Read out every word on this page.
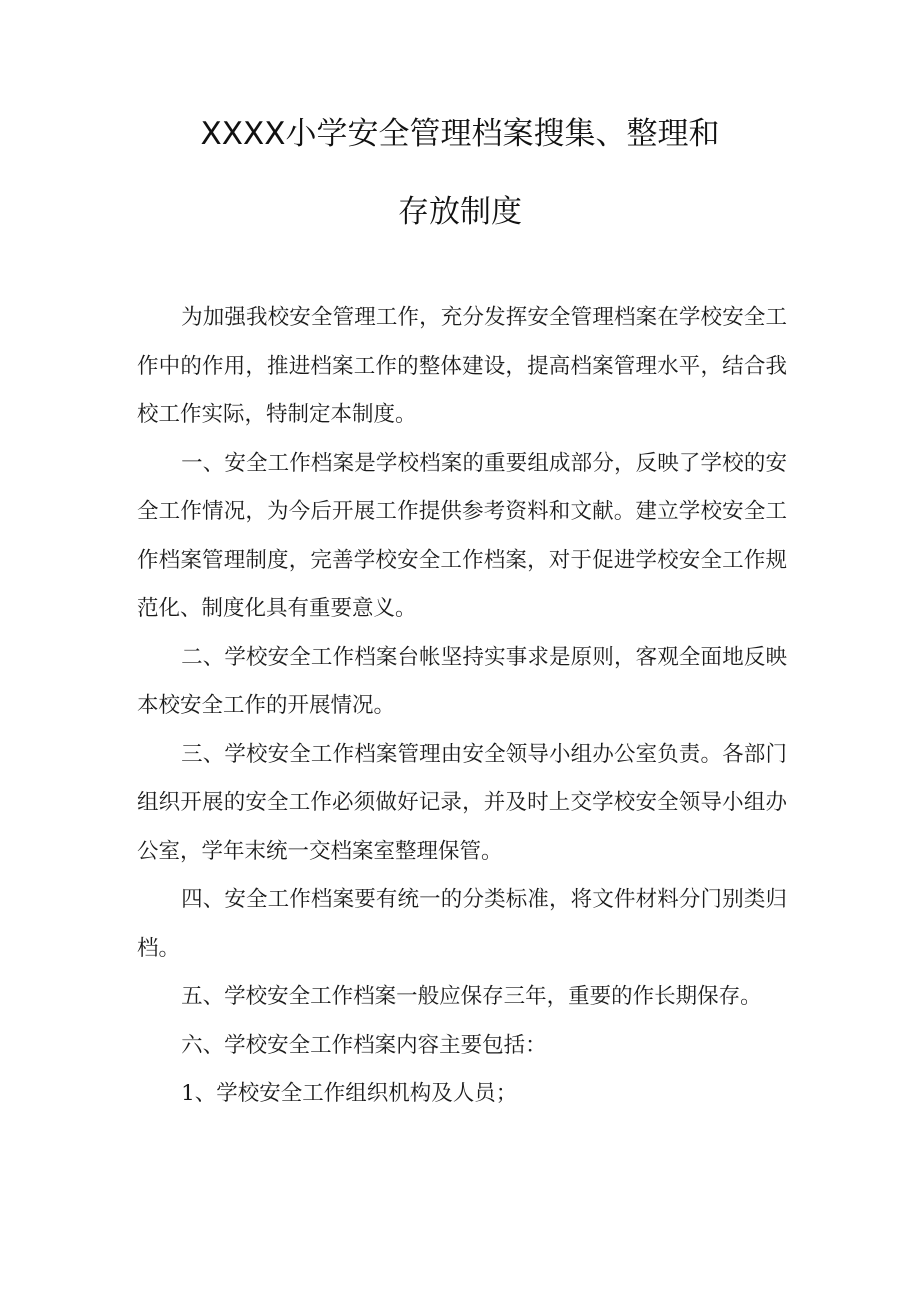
XXXX小学安全管理档案搜集、整理和
存放制度

为加强我校安全管理工作，充分发挥安全管理档案在学校安全工作中的作用，推进档案工作的整体建设，提高档案管理水平，结合我校工作实际，特制定本制度。

一、安全工作档案是学校档案的重要组成部分，反映了学校的安全工作情况，为今后开展工作提供参考资料和文献。建立学校安全工作档案管理制度，完善学校安全工作档案，对于促进学校安全工作规范化、制度化具有重要意义。

二、学校安全工作档案台帐坚持实事求是原则，客观全面地反映本校安全工作的开展情况。

三、学校安全工作档案管理由安全领导小组办公室负责。各部门组织开展的安全工作必须做好记录，并及时上交学校安全领导小组办公室，学年末统一交档案室整理保管。

四、安全工作档案要有统一的分类标准，将文件材料分门别类归档。

五、学校安全工作档案一般应保存三年，重要的作长期保存。

六、学校安全工作档案内容主要包括：

1、学校安全工作组织机构及人员；
